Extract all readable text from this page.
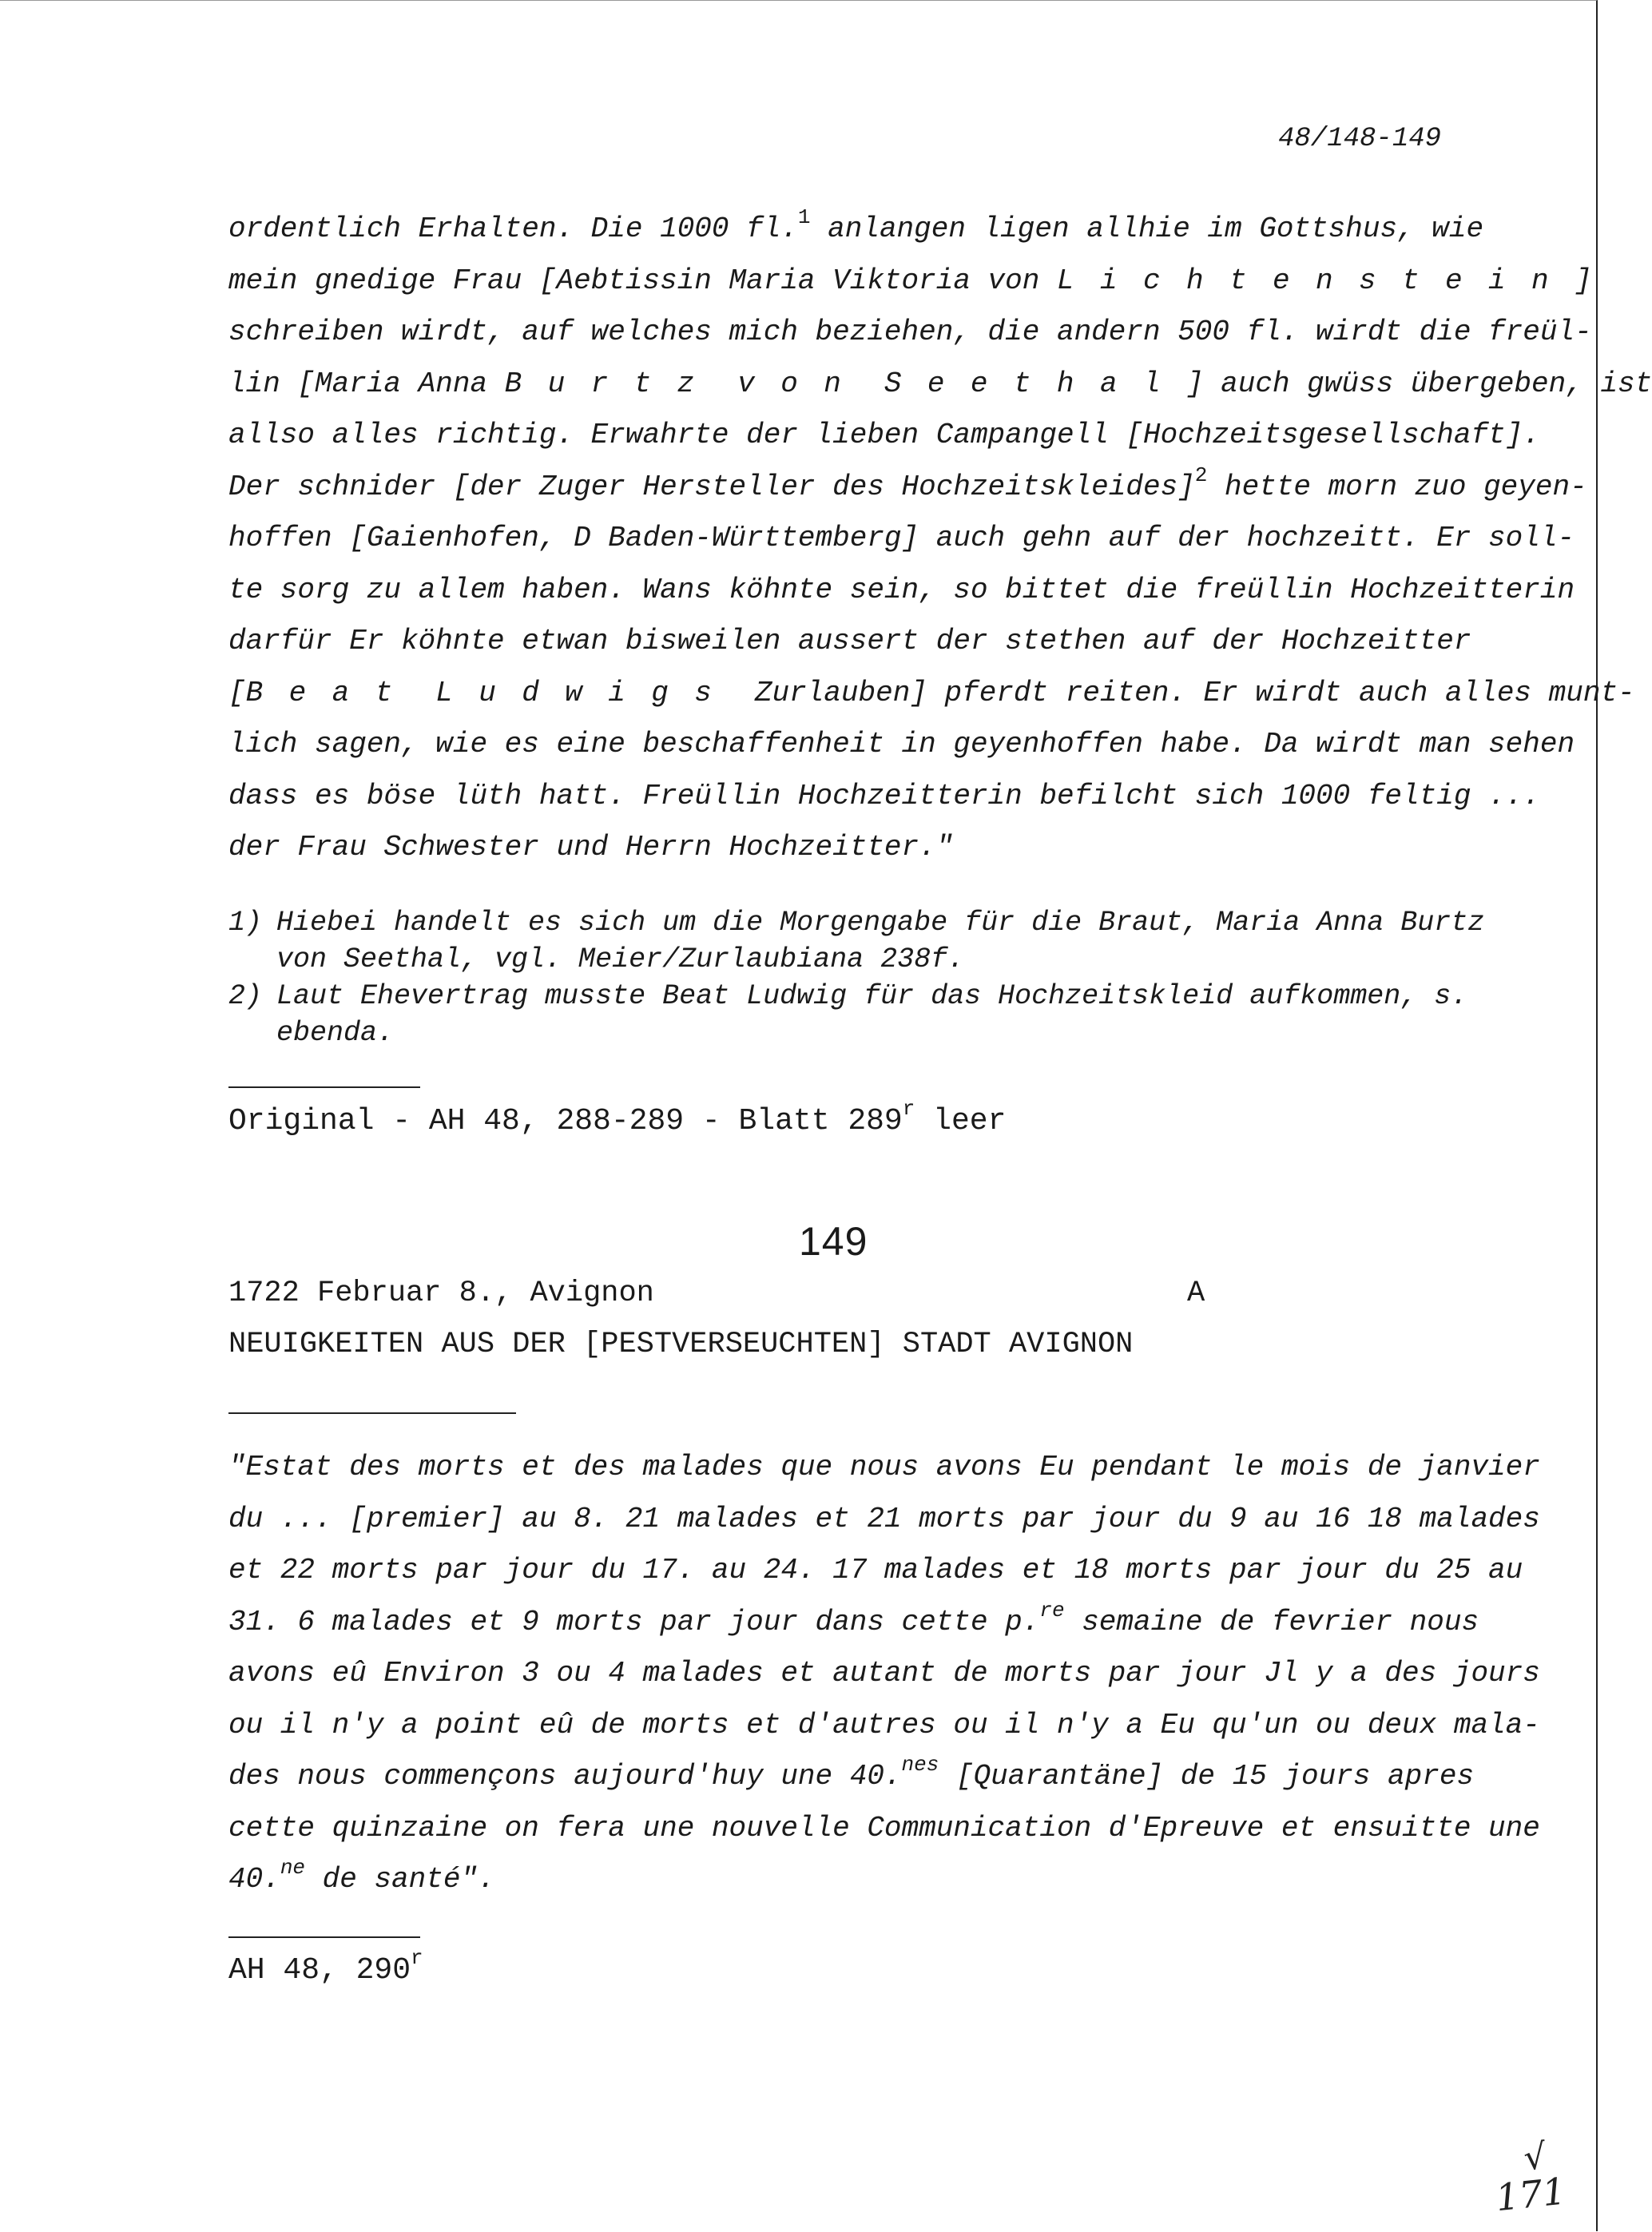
48/148-149
ordentlich Erhalten. Die 1000 fl.$^1$ anlangen ligen allhie im Gottshus, wie
mein gnedige Frau [Aebtissin Maria Viktoria von Lichtenstein]
schreiben wirdt, auf welches mich beziehen, die andern 500 fl. wirdt die freül-
lin [Maria Anna Burtz von Seethal] auch gwüss übergeben, ist
allso alles richtig. Erwahrte der lieben Campangell [Hochzeitsgesellschaft].
Der schnider [der Zuger Hersteller des Hochzeitskleides]$^2$ hette morn zuo geyen-
hoffen [Gaienhofen, D Baden-Württemberg] auch gehn auf der hochzeitt. Er soll-
te sorg zu allem haben. Wans köhnte sein, so bittet die freüllin Hochzeitterin
darfür Er köhnte etwan bisweilen aussert der stethen auf der Hochzeitter
[Beat Ludwigs Zurlauben] pferdt reiten. Er wirdt auch alles munt-
lich sagen, wie es eine beschaffenheit in geyenhoffen habe. Da wirdt man sehen
dass es böse lüth hatt. Freüllin Hochzeitterin befilcht sich 1000 feltig ...
der Frau Schwester und Herrn Hochzeitter."
1) Hiebei handelt es sich um die Morgengabe für die Braut, Maria Anna Burtz
von Seethal, vgl. Meier/Zurlaubiana 238f.
2) Laut Ehevertrag musste Beat Ludwig für das Hochzeitskleid aufkommen, s.
ebenda.
Original - AH 48, 288-289 - Blatt 289$^r$ leer
149
1722 Februar 8., Avignon	A
NEUIGKEITEN AUS DER [PESTVERSEUCHTEN] STADT AVIGNON
"Estat des morts et des malades que nous avons Eu pendant le mois de janvier
du ... [premier] au 8. 21 malades et 21 morts par jour du 9 au 16 18 malades
et 22 morts par jour du 17. au 24. 17 malades et 18 morts par jour du 25 au
31. 6 malades et 9 morts par jour dans cette p.$^{re}$ semaine de fevrier nous
avons eû Environ 3 ou 4 malades et autant de morts par jour Jl y a des jours
ou il n'y a point eû de morts et d'autres ou il n'y a Eu qu'un ou deux mala-
des nous commençons aujourd'huy une 40.$^{nes}$ [Quarantäne] de 15 jours apres
cette quinzaine on fera une nouvelle Communication d'Epreuve et ensuitte une
40.$^{ne}$ de santé".
AH 48, 290$^r$
√
171
